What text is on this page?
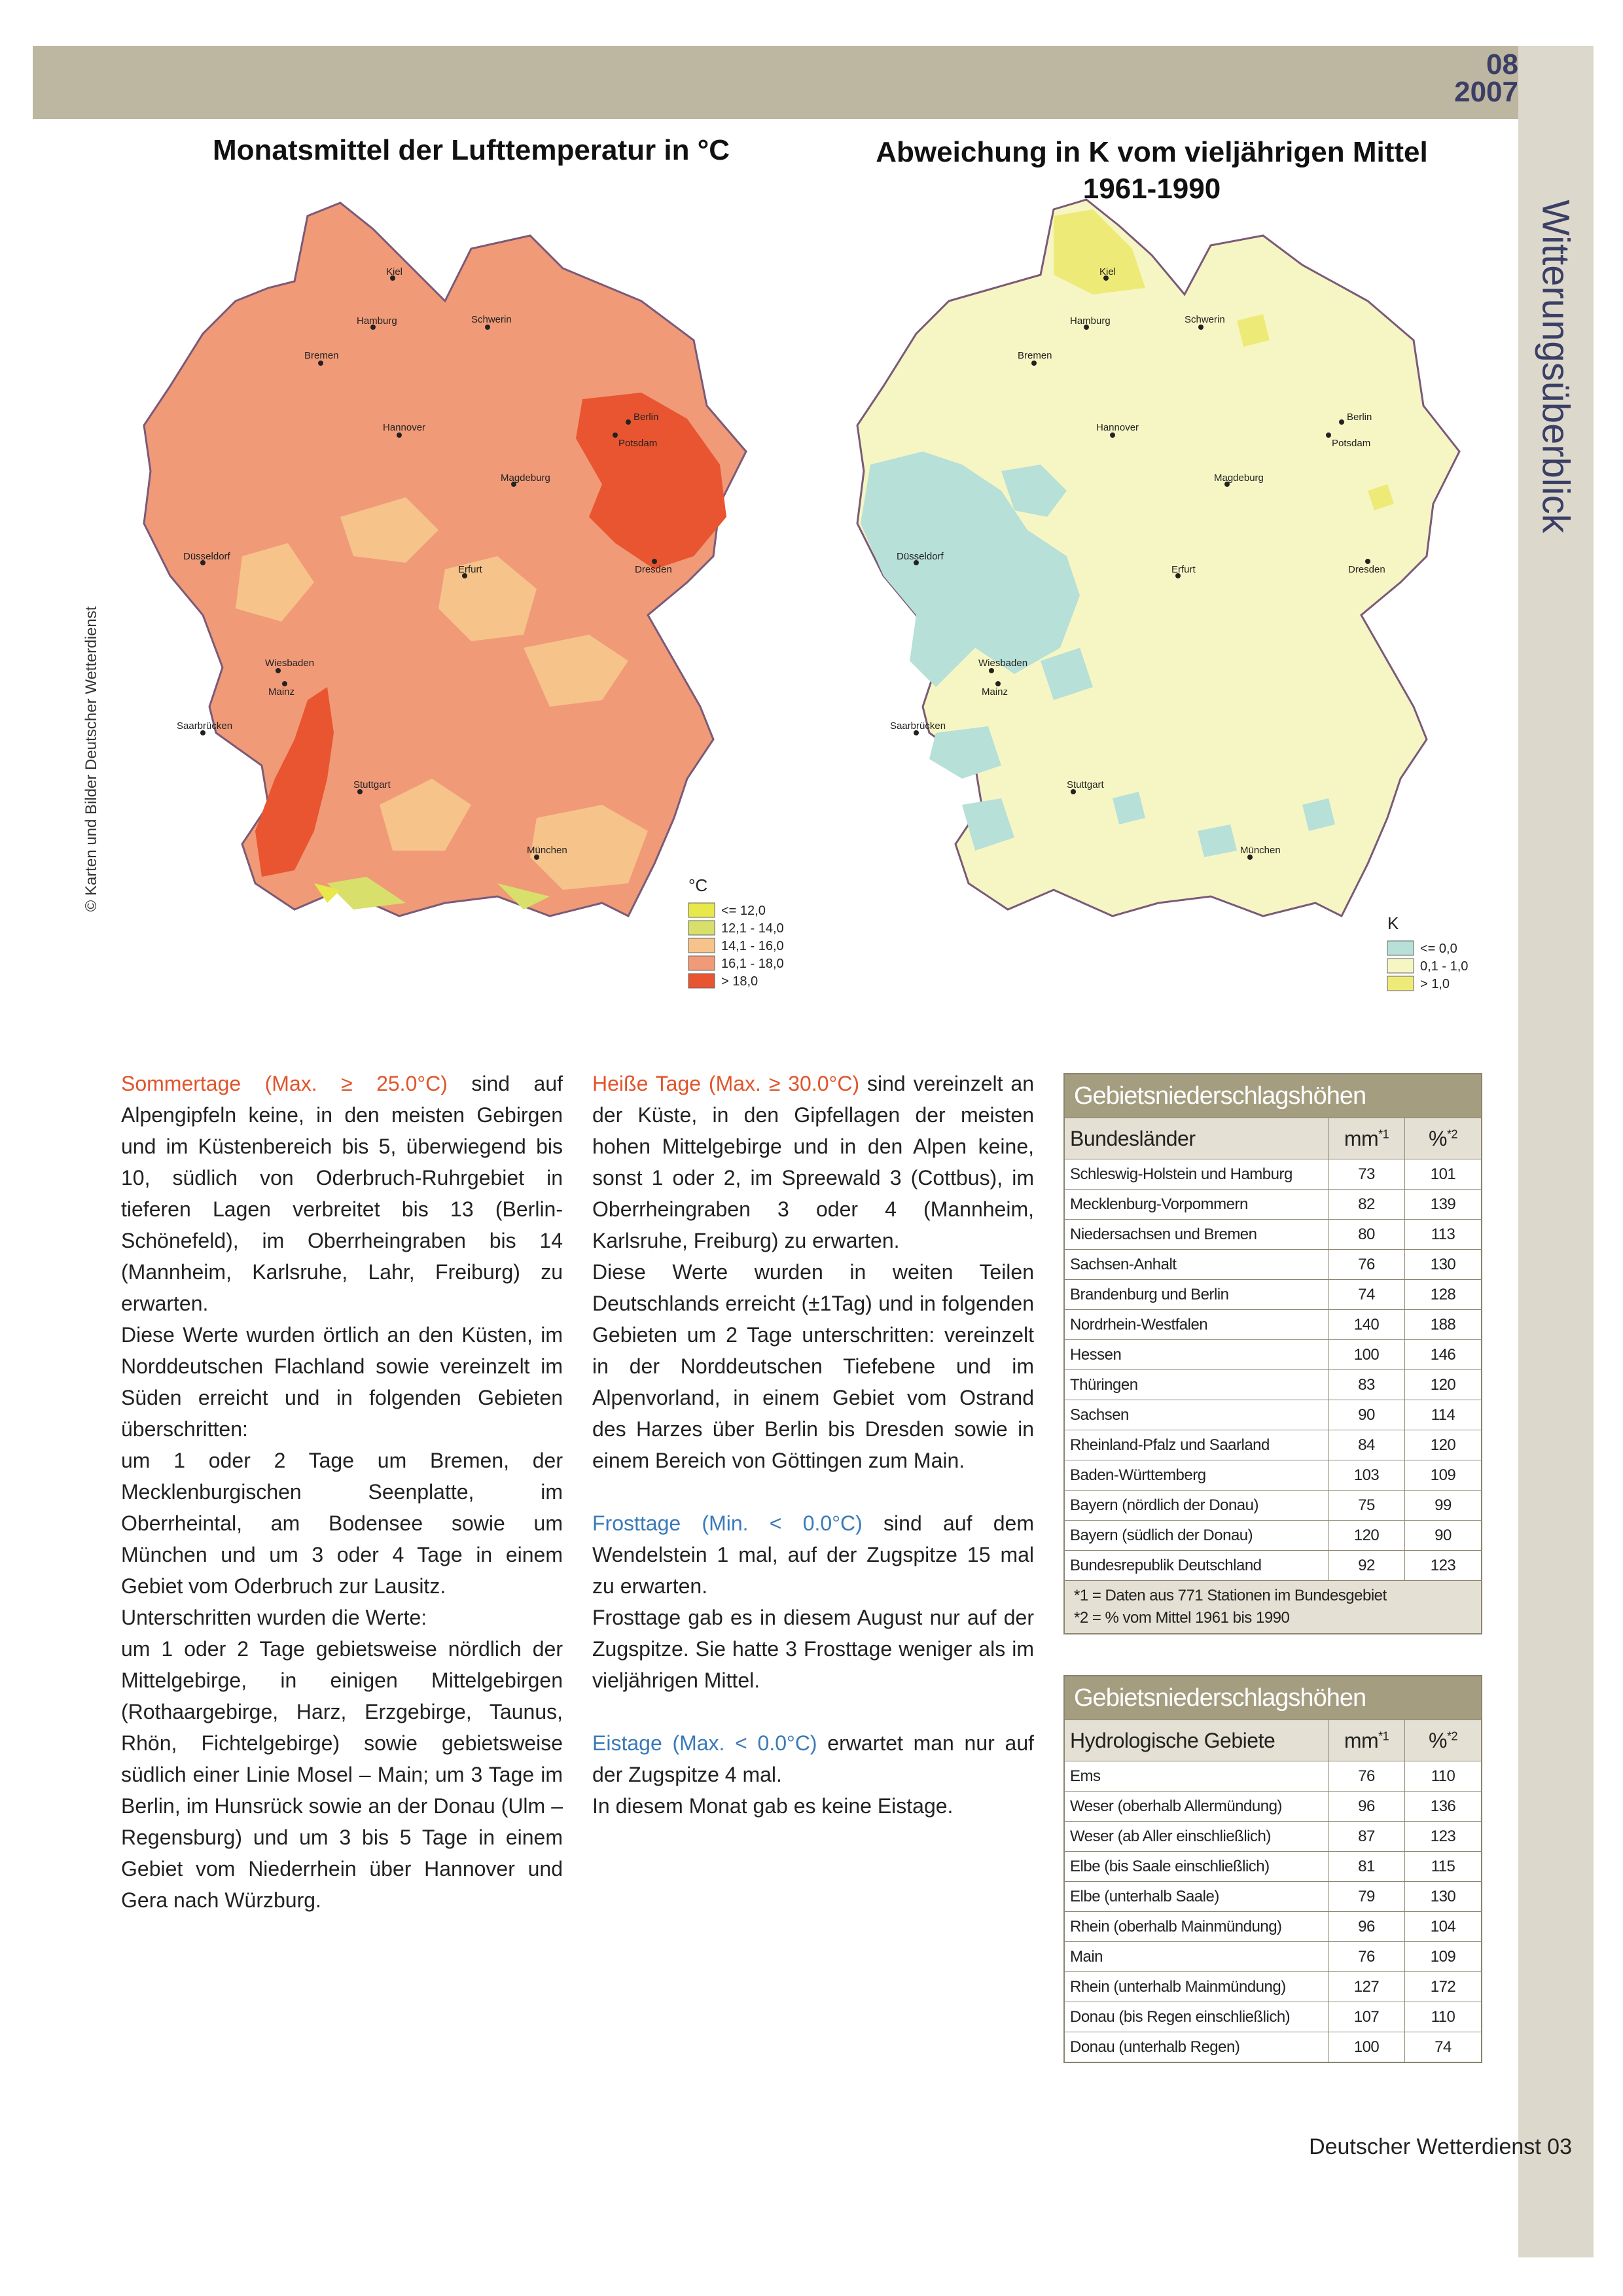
08
2007
Witterungsüberblick
Monatsmittel der Lufttemperatur in °C	Abweichung in K vom vieljährigen Mittel
1961-1990
© Karten und Bilder Deutscher Wetterdienst
Kiel
Hamburg	Schwerin
Bremen
Berlin
Potsdam
Hannover
Magdeburg
Düsseldorf
Erfurt	Dresden
Wiesbaden
Mainz
Saarbrücken
Stuttgart
München
°C
<= 12,0
12,1 - 14,0
14,1 - 16,0
16,1 - 18,0
> 18,0
Kiel
Hamburg	Schwerin
Bremen
Berlin
Potsdam
Hannover
Magdeburg
Düsseldorf
Erfurt	Dresden
Wiesbaden
Mainz
Saarbrücken
Stuttgart
München
K
<= 0,0
0,1 - 1,0
> 1,0

Sommertage (Max. ≥ 25.0°C) sind auf Alpengipfeln keine, in den meisten Gebirgen und im Küstenbereich bis 5, überwiegend bis 10, südlich von Oderbruch-Ruhrgebiet in tieferen Lagen verbreitet bis 13 (Berlin-Schönefeld), im Oberrheingraben bis 14 (Mannheim, Karlsruhe, Lahr, Freiburg) zu erwarten.

Diese Werte wurden örtlich an den Küsten, im Norddeutschen Flachland sowie vereinzelt im Süden erreicht und in folgenden Gebieten überschritten:

um 1 oder 2 Tage um Bremen, der Mecklenburgischen Seenplatte, im Oberrheintal, am Bodensee sowie um München und um 3 oder 4 Tage in einem Gebiet vom Oderbruch zur Lausitz.

Unterschritten wurden die Werte:

um 1 oder 2 Tage gebietsweise nördlich der Mittelgebirge, in einigen Mittelgebirgen (Rothaargebirge, Harz, Erzgebirge, Taunus, Rhön, Fichtelgebirge) sowie gebietsweise südlich einer Linie Mosel – Main; um 3 Tage im Berlin, im Hunsrück sowie an der Donau (Ulm – Regensburg) und um 3 bis 5 Tage in einem Gebiet vom Niederrhein über Hannover und Gera nach Würzburg.

Heiße Tage (Max. ≥ 30.0°C) sind vereinzelt an der Küste, in den Gipfellagen der meisten hohen Mittelgebirge und in den Alpen keine, sonst 1 oder 2, im Spreewald 3 (Cottbus), im Oberrheingraben 3 oder 4 (Mannheim, Karlsruhe, Freiburg) zu erwarten.

Diese Werte wurden in weiten Teilen Deutschlands erreicht (±1Tag) und in folgenden Gebieten um 2 Tage unterschritten: vereinzelt in der Norddeutschen Tiefebene und im Alpenvorland, in einem Gebiet vom Ostrand des Harzes über Berlin bis Dresden sowie in einem Bereich von Göttingen zum Main.

Frosttage (Min. < 0.0°C) sind auf dem Wendelstein 1 mal, auf der Zugspitze 15 mal zu erwarten.

Frosttage gab es in diesem August nur auf der Zugspitze. Sie hatte 3 Frosttage weniger als im vieljährigen Mittel.

Eistage (Max. < 0.0°C) erwartet man nur auf der Zugspitze 4 mal.

In diesem Monat gab es keine Eistage.

Gebietsniederschlagshöhen		
Bundesländer	$mm^{*1}$	%$^{*2}$
Schleswig-Holstein und Hamburg	73	101
Mecklenburg-Vorpommern	82	139
Niedersachsen und Bremen	80	113
Sachsen-Anhalt	76	130
Brandenburg und Berlin	74	128
Nordrhein-Westfalen	140	188
Hessen	100	146
Thüringen	83	120
Sachsen	90	114
Rheinland-Pfalz und Saarland	84	120
Baden-Württemberg	103	109
Bayern (nördlich der Donau)	75	99
Bayern (südlich der Donau)	120	90
Bundesrepublik Deutschland	92	123

*1 = Daten aus 771 Stationen im Bundesgebiet
*2 = % vom Mittel 1961 bis 1990		
Gebietsniederschlagshöhen		
Hydrologische Gebiete	$mm^{*1}$	%$^{*2}$
Ems	76	110
Weser (oberhalb Allermündung)	96	136
Weser (ab Aller einschließlich)	87	123
Elbe (bis Saale einschließlich)	81	115
Elbe (unterhalb Saale)	79	130
Rhein (oberhalb Mainmündung)	96	104
Main	76	109
Rhein (unterhalb Mainmündung)	127	172
Donau (bis Regen einschließlich)	107	110
Donau (unterhalb Regen)	100	74
Deutscher Wetterdienst 03
